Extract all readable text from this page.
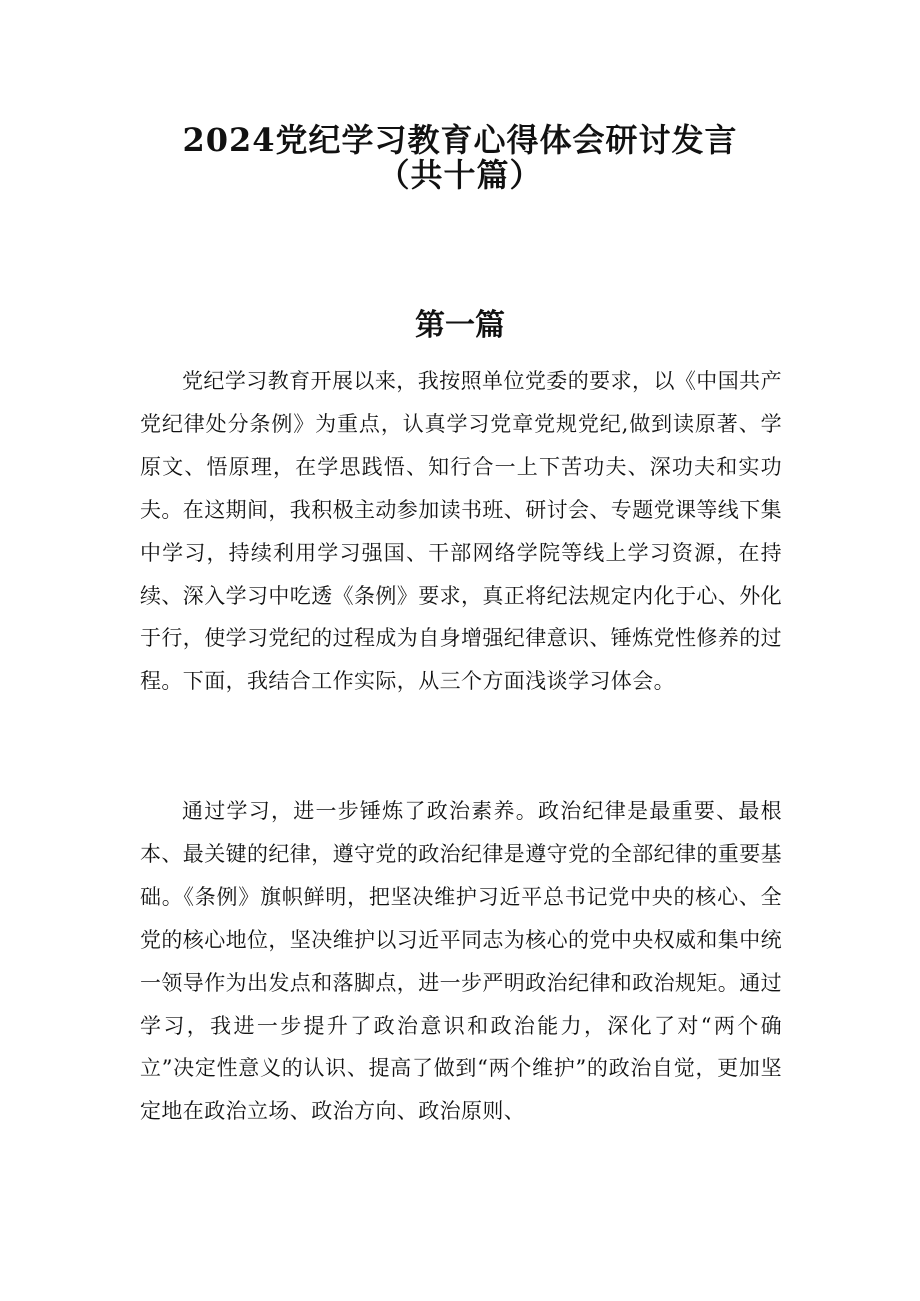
2024党纪学习教育心得体会研讨发言
（共十篇）
第一篇

党纪学习教育开展以来，我按照单位党委的要求，以《中国共产党纪律处分条例》为重点，认真学习党章党规党纪,做到读原著、学原文、悟原理，在学思践悟、知行合一上下苦功夫、深功夫和实功夫。在这期间，我积极主动参加读书班、研讨会、专题党课等线下集中学习，持续利用学习强国、干部网络学院等线上学习资源，在持续、深入学习中吃透《条例》要求，真正将纪法规定内化于心、外化于行，使学习党纪的过程成为自身增强纪律意识、锤炼党性修养的过程。下面，我结合工作实际，从三个方面浅谈学习体会。

通过学习，进一步锤炼了政治素养。政治纪律是最重要、最根本、最关键的纪律，遵守党的政治纪律是遵守党的全部纪律的重要基础。《条例》旗帜鲜明，把坚决维护习近平总书记党中央的核心、全党的核心地位，坚决维护以习近平同志为核心的党中央权威和集中统一领导作为出发点和落脚点，进一步严明政治纪律和政治规矩。通过学习，我进一步提升了政治意识和政治能力，深化了对“两个确立”决定性意义的认识、提高了做到“两个维护”的政治自觉，更加坚定地在政治立场、政治方向、政治原则、
